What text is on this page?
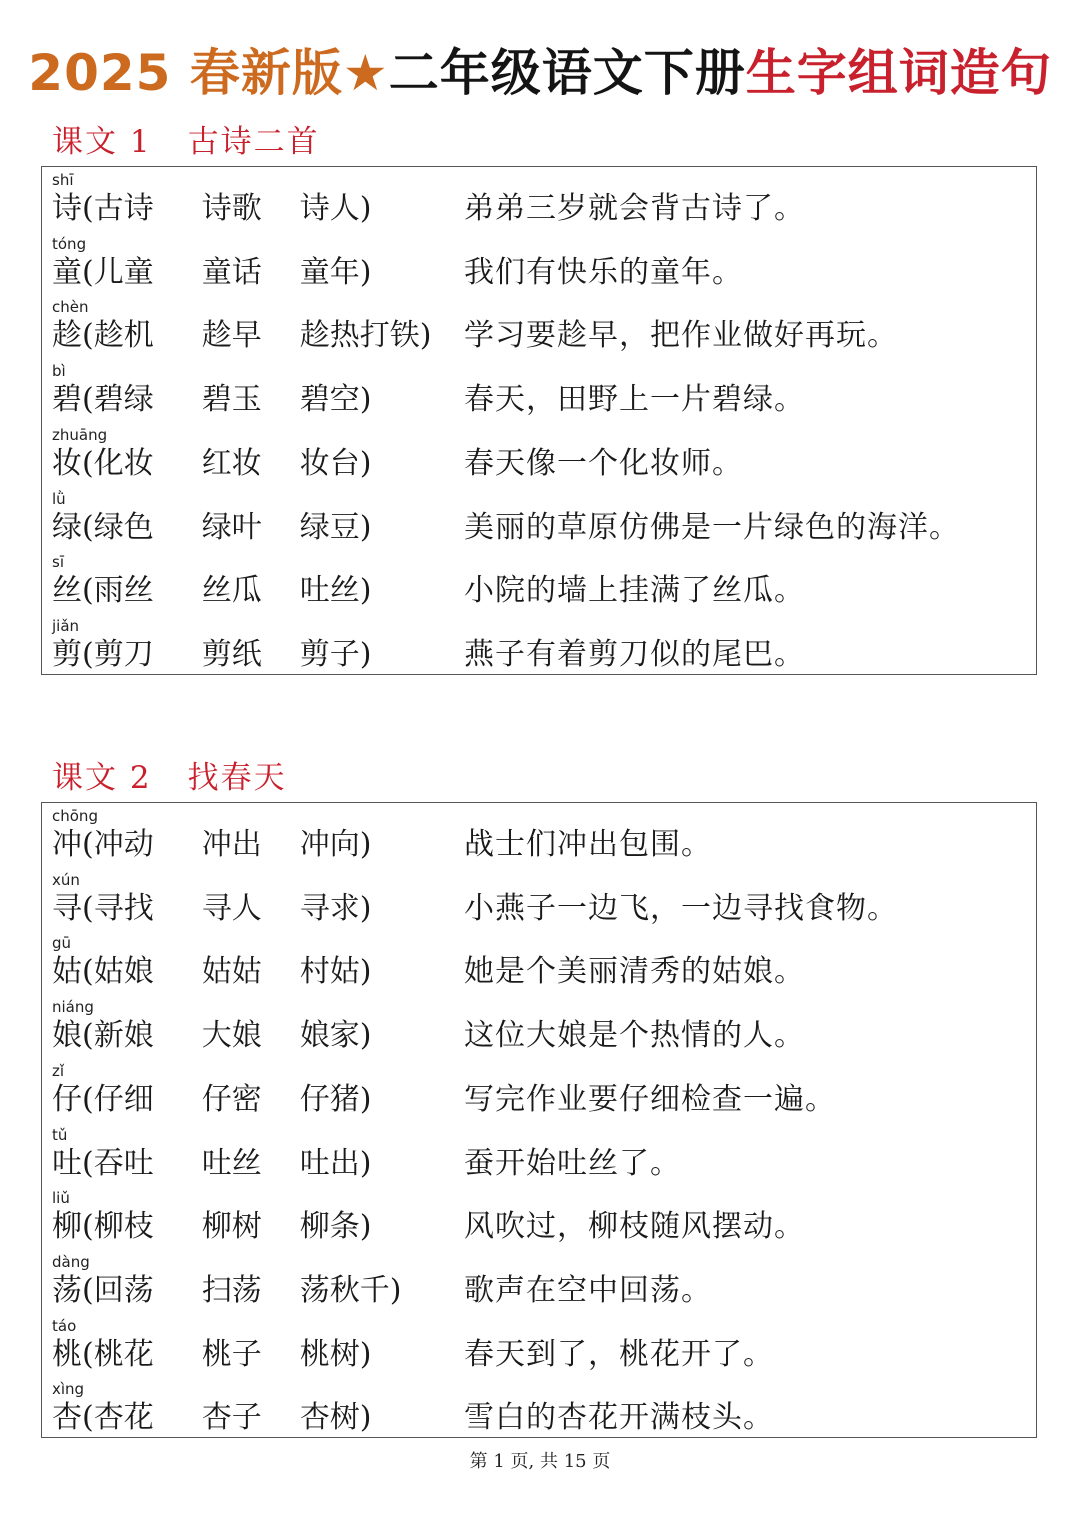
2025 春新版★二年级语文下册生字组词造句
课文 1 古诗二首
shī
诗(古诗 诗歌 诗人)	弟弟三岁就会背古诗了。
tóng
童(儿童 童话 童年)	我们有快乐的童年。
chèn
趁(趁机 趁早 趁热打铁) 学习要趁早，把作业做好再玩。
bì
碧(碧绿 碧玉 碧空)	春天，田野上一片碧绿。
zhuāng
妆(化妆 红妆 妆台)	春天像一个化妆师。
lǜ
绿(绿色 绿叶 绿豆)	美丽的草原仿佛是一片绿色的海洋。
sī
丝(雨丝 丝瓜 吐丝)	小院的墙上挂满了丝瓜。
jiǎn
剪(剪刀 剪纸 剪子)	燕子有着剪刀似的尾巴。
课文 2 找春天
chōng
冲(冲动 冲出 冲向)	战士们冲出包围。
xún
寻(寻找 寻人 寻求)	小燕子一边飞，一边寻找食物。
gū
姑(姑娘 姑姑 村姑)	她是个美丽清秀的姑娘。
niáng
娘(新娘 大娘 娘家)	这位大娘是个热情的人。
zǐ
仔(仔细 仔密 仔猪)	写完作业要仔细检查一遍。
tǔ
吐(吞吐 吐丝 吐出)	蚕开始吐丝了。
liǔ
柳(柳枝 柳树 柳条)	风吹过，柳枝随风摆动。
dàng
荡(回荡 扫荡 荡秋千) 歌声在空中回荡。
táo
桃(桃花 桃子 桃树)	春天到了，桃花开了。
xìng
杏(杏花 杏子 杏树)	雪白的杏花开满枝头。
第 1 页, 共 15 页
